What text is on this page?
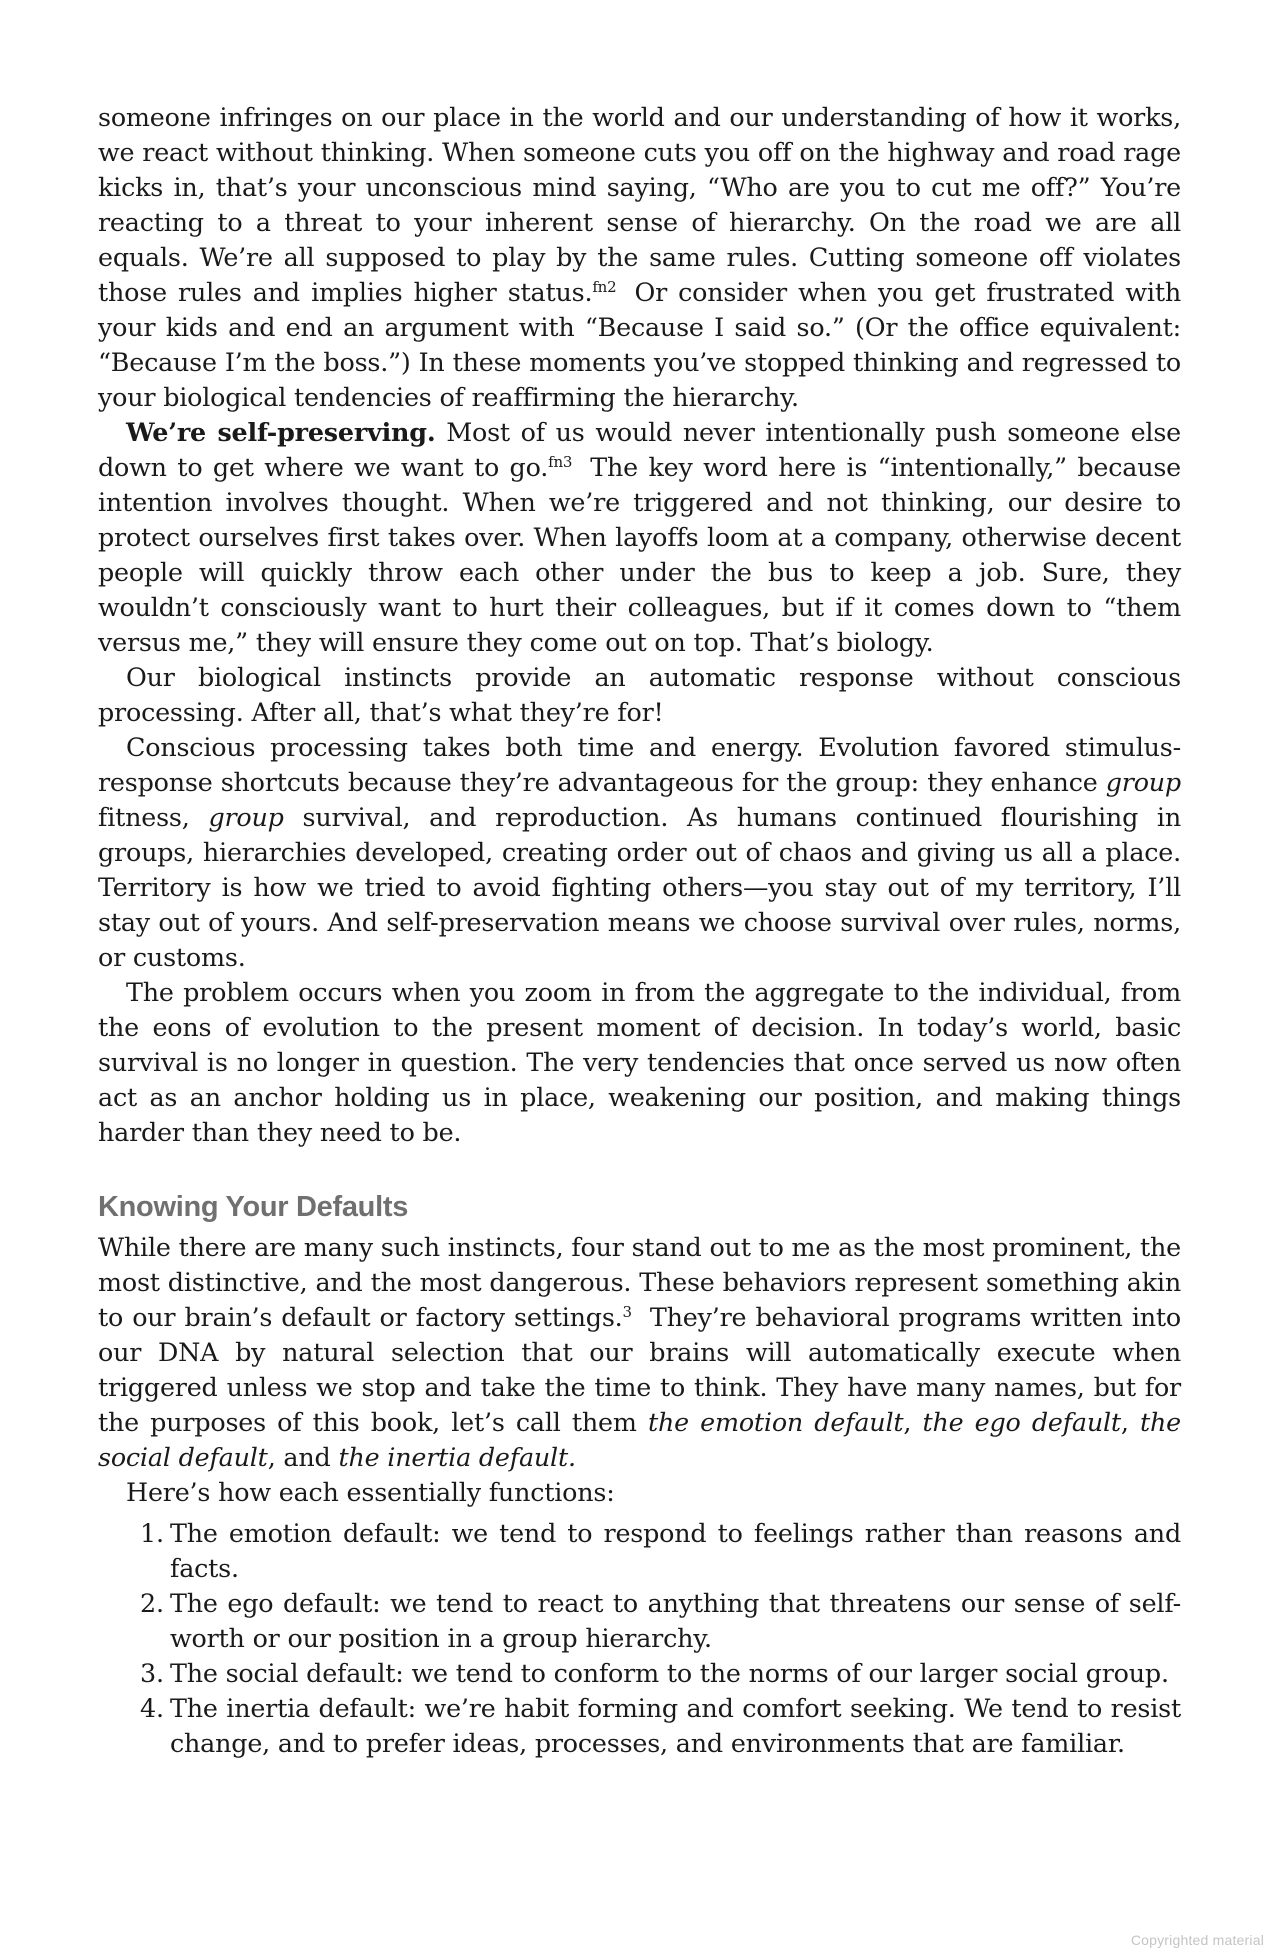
someone infringes on our place in the world and our understanding of how it works, we react without thinking. When someone cuts you off on the highway and road rage kicks in, that’s your unconscious mind saying, “Who are you to cut me off?” You’re reacting to a threat to your inherent sense of hierarchy. On the road we are all equals. We’re all supposed to play by the same rules. Cutting someone off violates those rules and implies higher status.$^{fn2}$ Or consider when you get frustrated with your kids and end an argument with “Because I said so.” (Or the office equivalent: “Because I’m the boss.”) In these moments you’ve stopped thinking and regressed to your biological tendencies of reaffirming the hierarchy.

We’re self-preserving. Most of us would never intentionally push someone else down to get where we want to go.$^{fn3}$ The key word here is “intentionally,” because intention involves thought. When we’re triggered and not thinking, our desire to protect ourselves first takes over. When layoffs loom at a company, otherwise decent people will quickly throw each other under the bus to keep a job. Sure, they wouldn’t consciously want to hurt their colleagues, but if it comes down to “them versus me,” they will ensure they come out on top. That’s biology.

Our biological instincts provide an automatic response without conscious processing. After all, that’s what they’re for!

Conscious processing takes both time and energy. Evolution favored stimulus-response shortcuts because they’re advantageous for the group: they enhance group fitness, group survival, and reproduction. As humans continued flourishing in groups, hierarchies developed, creating order out of chaos and giving us all a place. Territory is how we tried to avoid fighting others—you stay out of my territory, I’ll stay out of yours. And self-preservation means we choose survival over rules, norms, or customs.

The problem occurs when you zoom in from the aggregate to the individual, from the eons of evolution to the present moment of decision. In today’s world, basic survival is no longer in question. The very tendencies that once served us now often act as an anchor holding us in place, weakening our position, and making things harder than they need to be.

Knowing Your Defaults

While there are many such instincts, four stand out to me as the most prominent, the most distinctive, and the most dangerous. These behaviors represent something akin to our brain’s default or factory settings.$^3$ They’re behavioral programs written into our DNA by natural selection that our brains will automatically execute when triggered unless we stop and take the time to think. They have many names, but for the purposes of this book, let’s call them the emotion default, the ego default, the social default, and the inertia default.

Here’s how each essentially functions:

1. The emotion default: we tend to respond to feelings rather than reasons and facts.
2. The ego default: we tend to react to anything that threatens our sense of self-worth or our position in a group hierarchy.
3. The social default: we tend to conform to the norms of our larger social group.
4. The inertia default: we’re habit forming and comfort seeking. We tend to resist change, and to prefer ideas, processes, and environments that are familiar.
Copyrighted material
